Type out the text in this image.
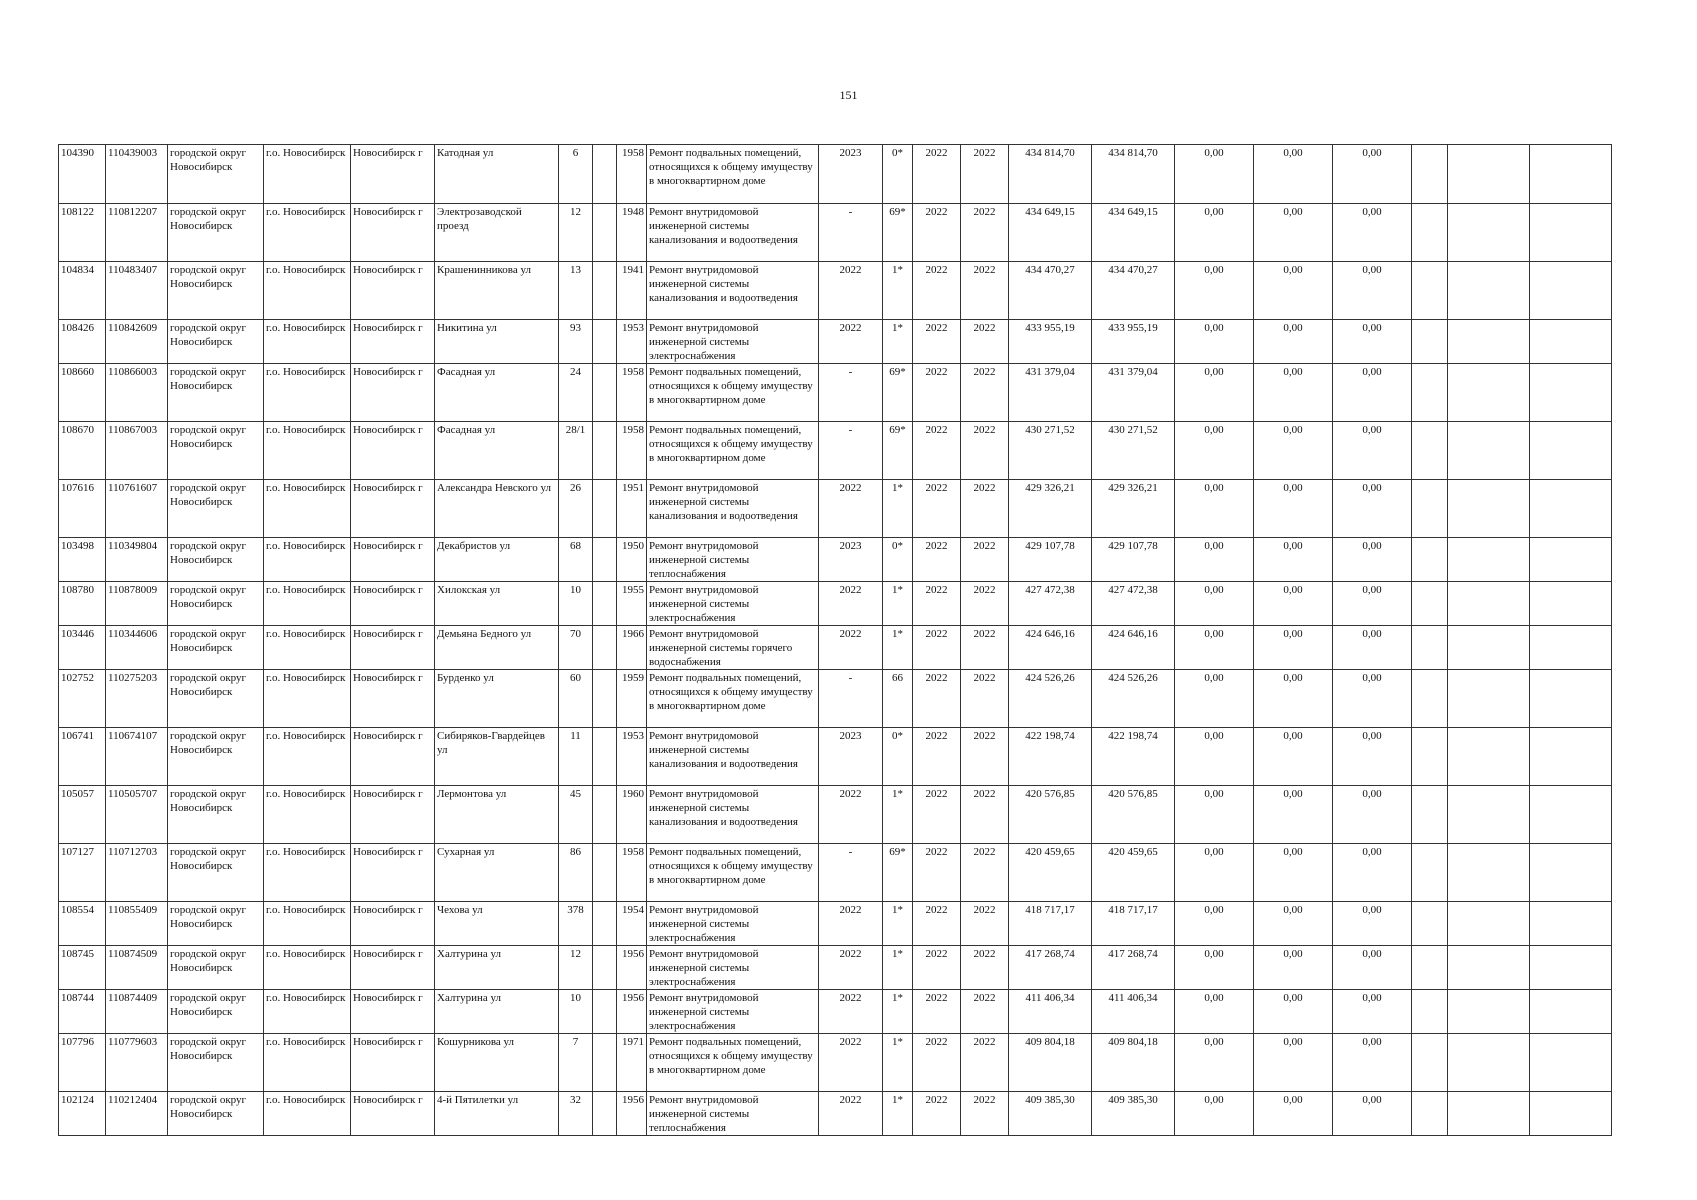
151
104390	110439003	городской округ Новосибирск	г.о. Новосибирск	Новосибирск г	Катодная ул	6		1958	Ремонт подвальных помещений, относящихся к общему имуществу в многоквартирном доме	2023	0*	2022	2022	434 814,70	434 814,70	0,00	0,00	0,00			
108122	110812207	городской округ Новосибирск	г.о. Новосибирск	Новосибирск г	Электрозаводской проезд	12		1948	Ремонт внутридомовой инженерной системы канализования и водоотведения	-	69*	2022	2022	434 649,15	434 649,15	0,00	0,00	0,00			
104834	110483407	городской округ Новосибирск	г.о. Новосибирск	Новосибирск г	Крашенинникова ул	13		1941	Ремонт внутридомовой инженерной системы канализования и водоотведения	2022	1*	2022	2022	434 470,27	434 470,27	0,00	0,00	0,00			
108426	110842609	городской округ Новосибирск	г.о. Новосибирск	Новосибирск г	Никитина ул	93		1953	Ремонт внутридомовой инженерной системы электроснабжения	2022	1*	2022	2022	433 955,19	433 955,19	0,00	0,00	0,00			
108660	110866003	городской округ Новосибирск	г.о. Новосибирск	Новосибирск г	Фасадная ул	24		1958	Ремонт подвальных помещений, относящихся к общему имуществу в многоквартирном доме	-	69*	2022	2022	431 379,04	431 379,04	0,00	0,00	0,00			
108670	110867003	городской округ Новосибирск	г.о. Новосибирск	Новосибирск г	Фасадная ул	28/1		1958	Ремонт подвальных помещений, относящихся к общему имуществу в многоквартирном доме	-	69*	2022	2022	430 271,52	430 271,52	0,00	0,00	0,00			
107616	110761607	городской округ Новосибирск	г.о. Новосибирск	Новосибирск г	Александра Невского ул	26		1951	Ремонт внутридомовой инженерной системы канализования и водоотведения	2022	1*	2022	2022	429 326,21	429 326,21	0,00	0,00	0,00			
103498	110349804	городской округ Новосибирск	г.о. Новосибирск	Новосибирск г	Декабристов ул	68		1950	Ремонт внутридомовой инженерной системы теплоснабжения	2023	0*	2022	2022	429 107,78	429 107,78	0,00	0,00	0,00			
108780	110878009	городской округ Новосибирск	г.о. Новосибирск	Новосибирск г	Хилокская ул	10		1955	Ремонт внутридомовой инженерной системы электроснабжения	2022	1*	2022	2022	427 472,38	427 472,38	0,00	0,00	0,00			
103446	110344606	городской округ Новосибирск	г.о. Новосибирск	Новосибирск г	Демьяна Бедного ул	70		1966	Ремонт внутридомовой инженерной системы горячего водоснабжения	2022	1*	2022	2022	424 646,16	424 646,16	0,00	0,00	0,00			
102752	110275203	городской округ Новосибирск	г.о. Новосибирск	Новосибирск г	Бурденко ул	60		1959	Ремонт подвальных помещений, относящихся к общему имуществу в многоквартирном доме	-	66	2022	2022	424 526,26	424 526,26	0,00	0,00	0,00			
106741	110674107	городской округ Новосибирск	г.о. Новосибирск	Новосибирск г	Сибиряков-Гвардейцев ул	11		1953	Ремонт внутридомовой инженерной системы канализования и водоотведения	2023	0*	2022	2022	422 198,74	422 198,74	0,00	0,00	0,00			
105057	110505707	городской округ Новосибирск	г.о. Новосибирск	Новосибирск г	Лермонтова ул	45		1960	Ремонт внутридомовой инженерной системы канализования и водоотведения	2022	1*	2022	2022	420 576,85	420 576,85	0,00	0,00	0,00			
107127	110712703	городской округ Новосибирск	г.о. Новосибирск	Новосибирск г	Сухарная ул	86		1958	Ремонт подвальных помещений, относящихся к общему имуществу в многоквартирном доме	-	69*	2022	2022	420 459,65	420 459,65	0,00	0,00	0,00			
108554	110855409	городской округ Новосибирск	г.о. Новосибирск	Новосибирск г	Чехова ул	378		1954	Ремонт внутридомовой инженерной системы электроснабжения	2022	1*	2022	2022	418 717,17	418 717,17	0,00	0,00	0,00			
108745	110874509	городской округ Новосибирск	г.о. Новосибирск	Новосибирск г	Халтурина ул	12		1956	Ремонт внутридомовой инженерной системы электроснабжения	2022	1*	2022	2022	417 268,74	417 268,74	0,00	0,00	0,00			
108744	110874409	городской округ Новосибирск	г.о. Новосибирск	Новосибирск г	Халтурина ул	10		1956	Ремонт внутридомовой инженерной системы электроснабжения	2022	1*	2022	2022	411 406,34	411 406,34	0,00	0,00	0,00			
107796	110779603	городской округ Новосибирск	г.о. Новосибирск	Новосибирск г	Кошурникова ул	7		1971	Ремонт подвальных помещений, относящихся к общему имуществу в многоквартирном доме	2022	1*	2022	2022	409 804,18	409 804,18	0,00	0,00	0,00			
102124	110212404	городской округ Новосибирск	г.о. Новосибирск	Новосибирск г	4-й Пятилетки ул	32		1956	Ремонт внутридомовой инженерной системы теплоснабжения	2022	1*	2022	2022	409 385,30	409 385,30	0,00	0,00	0,00			
